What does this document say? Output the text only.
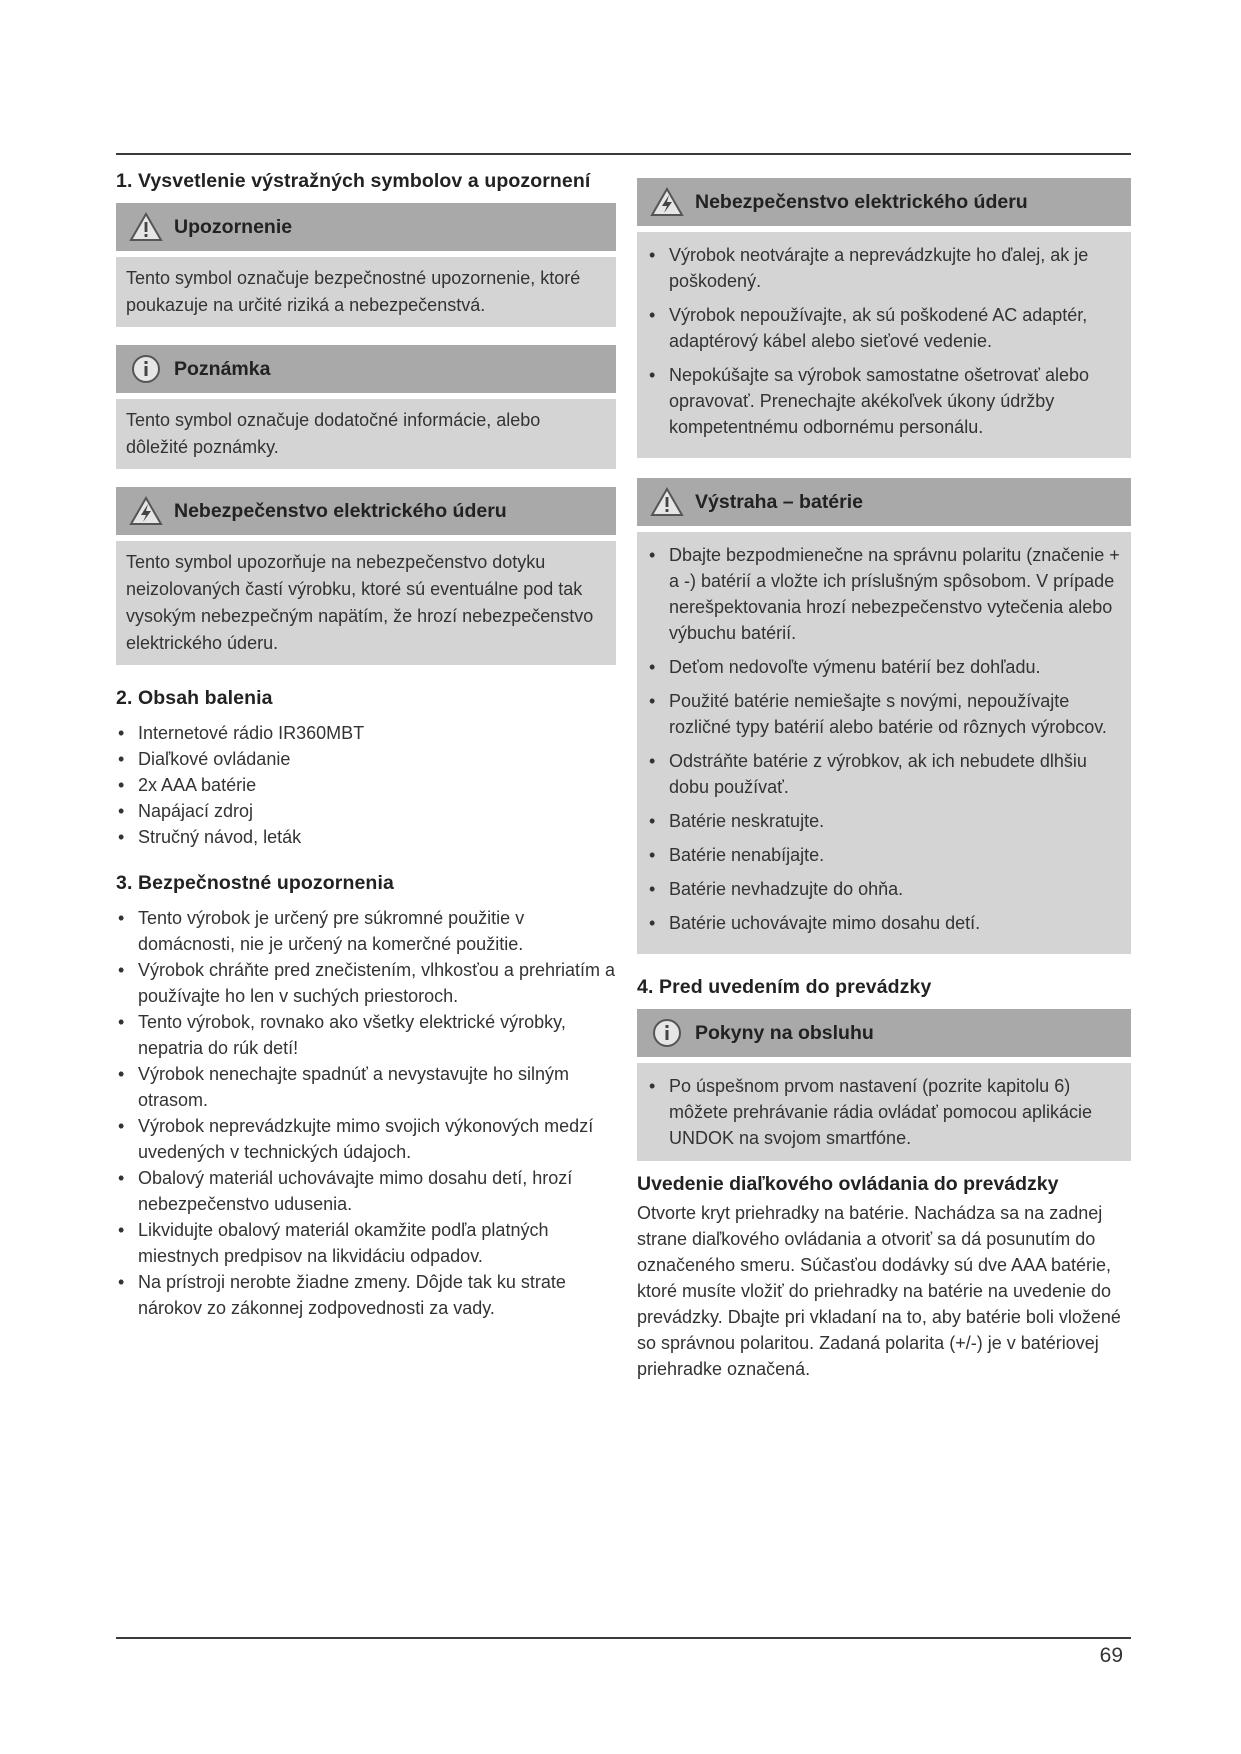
1. Vysvetlenie výstražných symbolov a upozornení
Upozornenie
Tento symbol označuje bezpečnostné upozornenie, ktoré poukazuje na určité riziká a nebezpečenstvá.
Poznámka
Tento symbol označuje dodatočné informácie, alebo dôležité poznámky.
Nebezpečenstvo elektrického úderu
Tento symbol upozorňuje na nebezpečenstvo dotyku neizolovaných častí výrobku, ktoré sú eventuálne pod tak vysokým nebezpečným napätím, že hrozí nebezpečenstvo elektrického úderu.
2. Obsah balenia
• Internetové rádio IR360MBT
• Diaľkové ovládanie
• 2x AAA batérie
• Napájací zdroj
• Stručný návod, leták
3. Bezpečnostné upozornenia
• Tento výrobok je určený pre súkromné použitie v domácnosti, nie je určený na komerčné použitie.
• Výrobok chráňte pred znečistením, vlhkosťou a prehriatím a používajte ho len v suchých priestoroch.
• Tento výrobok, rovnako ako všetky elektrické výrobky, nepatria do rúk detí!
• Výrobok nenechajte spadnúť a nevystavujte ho silným otrasom.
• Výrobok neprevádzkujte mimo svojich výkonových medzí uvedených v technických údajoch.
• Obalový materiál uchovávajte mimo dosahu detí, hrozí nebezpečenstvo udusenia.
• Likvidujte obalový materiál okamžite podľa platných miestnych predpisov na likvidáciu odpadov.
• Na prístroji nerobte žiadne zmeny. Dôjde tak ku strate nárokov zo zákonnej zodpovednosti za vady.
Nebezpečenstvo elektrického úderu
• Výrobok neotvárajte a neprevádzkujte ho ďalej, ak je poškodený.
• Výrobok nepoužívajte, ak sú poškodené AC adaptér, adaptérový kábel alebo sieťové vedenie.
• Nepokúšajte sa výrobok samostatne ošetrovať alebo opravovať. Prenechajte akékoľvek úkony údržby kompetentnému odbornému personálu.
Výstraha – batérie
• Dbajte bezpodmienečne na správnu polaritu (značenie + a -) batérií a vložte ich príslušným spôsobom. V prípade nerešpektovania hrozí nebezpečenstvo vytečenia alebo výbuchu batérií.
• Deťom nedovoľte výmenu batérií bez dohľadu.
• Použité batérie nemiešajte s novými, nepoužívajte rozličné typy batérií alebo batérie od rôznych výrobcov.
• Odstráňte batérie z výrobkov, ak ich nebudete dlhšiu dobu používať.
• Batérie neskratujte.
• Batérie nenabíjajte.
• Batérie nevhadzujte do ohňa.
• Batérie uchovávajte mimo dosahu detí.
4. Pred uvedením do prevádzky
Pokyny na obsluhu
• Po úspešnom prvom nastavení (pozrite kapitolu 6) môžete prehrávanie rádia ovládať pomocou aplikácie UNDOK na svojom smartfóne.
Uvedenie diaľkového ovládania do prevádzky
Otvorte kryt priehradky na batérie. Nachádza sa na zadnej strane diaľkového ovládania a otvoriť sa dá posunutím do označeného smeru. Súčasťou dodávky sú dve AAA batérie, ktoré musíte vložiť do priehradky na batérie na uvedenie do prevádzky. Dbajte pri vkladaní na to, aby batérie boli vložené so správnou polaritou. Zadaná polarita (+/-) je v batériovej priehradke označená.
69
